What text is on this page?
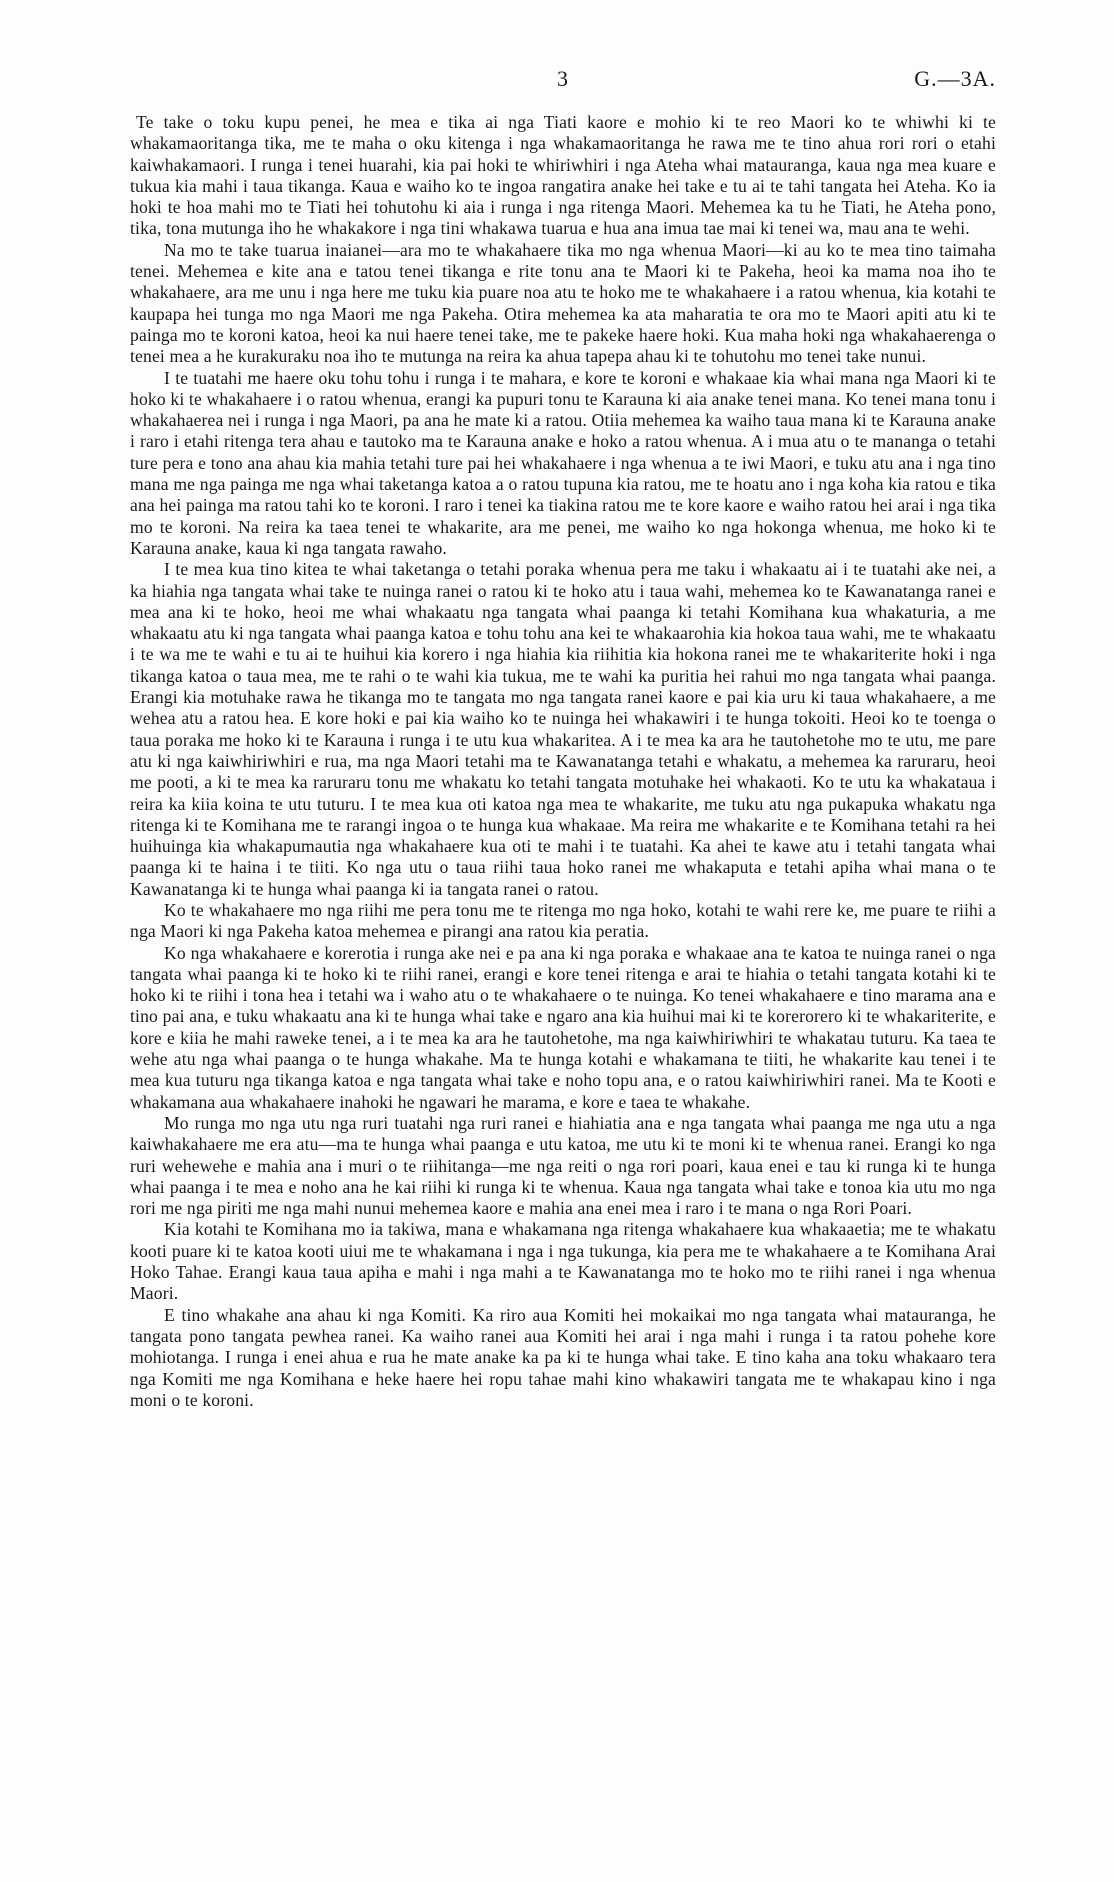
3	G.—3A.

Te take o toku kupu penei, he mea e tika ai nga Tiati kaore e mohio ki te reo Maori ko te whiwhi ki te whakamaoritanga tika, me te maha o oku kitenga i nga whakamaoritanga he rawa me te tino ahua rori rori o etahi kaiwhakamaori. I runga i tenei huarahi, kia pai hoki te whiriwhiri i nga Ateha whai matauranga, kaua nga mea kuare e tukua kia mahi i taua tikanga. Kaua e waiho ko te ingoa rangatira anake hei take e tu ai te tahi tangata hei Ateha. Ko ia hoki te hoa mahi mo te Tiati hei tohutohu ki aia i runga i nga ritenga Maori. Mehemea ka tu he Tiati, he Ateha pono, tika, tona mutunga iho he whakakore i nga tini whakawa tuarua e hua ana imua tae mai ki tenei wa, mau ana te wehi.

Na mo te take tuarua inaianei—ara mo te whakahaere tika mo nga whenua Maori—ki au ko te mea tino taimaha tenei. Mehemea e kite ana e tatou tenei tikanga e rite tonu ana te Maori ki te Pakeha, heoi ka mama noa iho te whakahaere, ara me unu i nga here me tuku kia puare noa atu te hoko me te whakahaere i a ratou whenua, kia kotahi te kaupapa hei tunga mo nga Maori me nga Pakeha. Otira mehemea ka ata maharatia te ora mo te Maori apiti atu ki te painga mo te koroni katoa, heoi ka nui haere tenei take, me te pakeke haere hoki. Kua maha hoki nga whakahaerenga o tenei mea a he kurakuraku noa iho te mutunga na reira ka ahua tapepa ahau ki te tohutohu mo tenei take nunui.

I te tuatahi me haere oku tohu tohu i runga i te mahara, e kore te koroni e whakaae kia whai mana nga Maori ki te hoko ki te whakahaere i o ratou whenua, erangi ka pupuri tonu te Karauna ki aia anake tenei mana. Ko tenei mana tonu i whakahaerea nei i runga i nga Maori, pa ana he mate ki a ratou. Otiia mehemea ka waiho taua mana ki te Karauna anake i raro i etahi ritenga tera ahau e tautoko ma te Karauna anake e hoko a ratou whenua. A i mua atu o te mananga o tetahi ture pera e tono ana ahau kia mahia tetahi ture pai hei whakahaere i nga whenua a te iwi Maori, e tuku atu ana i nga tino mana me nga painga me nga whai taketanga katoa a o ratou tupuna kia ratou, me te hoatu ano i nga koha kia ratou e tika ana hei painga ma ratou tahi ko te koroni. I raro i tenei ka tiakina ratou me te kore kaore e waiho ratou hei arai i nga tika mo te koroni. Na reira ka taea tenei te whakarite, ara me penei, me waiho ko nga hokonga whenua, me hoko ki te Karauna anake, kaua ki nga tangata rawaho.

I te mea kua tino kitea te whai taketanga o tetahi poraka whenua pera me taku i whakaatu ai i te tuatahi ake nei, a ka hiahia nga tangata whai take te nuinga ranei o ratou ki te hoko atu i taua wahi, mehemea ko te Kawanatanga ranei e mea ana ki te hoko, heoi me whai whakaatu nga tangata whai paanga ki tetahi Komihana kua whakaturia, a me whakaatu atu ki nga tangata whai paanga katoa e tohu tohu ana kei te whakaarohia kia hokoa taua wahi, me te whakaatu i te wa me te wahi e tu ai te huihui kia korero i nga hiahia kia riihitia kia hokona ranei me te whakariterite hoki i nga tikanga katoa o taua mea, me te rahi o te wahi kia tukua, me te wahi ka puritia hei rahui mo nga tangata whai paanga. Erangi kia motuhake rawa he tikanga mo te tangata mo nga tangata ranei kaore e pai kia uru ki taua whakahaere, a me wehea atu a ratou hea. E kore hoki e pai kia waiho ko te nuinga hei whakawiri i te hunga tokoiti. Heoi ko te toenga o taua poraka me hoko ki te Karauna i runga i te utu kua whakaritea. A i te mea ka ara he tautohetohe mo te utu, me pare atu ki nga kaiwhiriwhiri e rua, ma nga Maori tetahi ma te Kawanatanga tetahi e whakatu, a mehemea ka raruraru, heoi me pooti, a ki te mea ka raruraru tonu me whakatu ko tetahi tangata motuhake hei whakaoti. Ko te utu ka whakataua i reira ka kiia koina te utu tuturu. I te mea kua oti katoa nga mea te whakarite, me tuku atu nga pukapuka whakatu nga ritenga ki te Komihana me te rarangi ingoa o te hunga kua whakaae. Ma reira me whakarite e te Komihana tetahi ra hei huihuinga kia whakapumautia nga whakahaere kua oti te mahi i te tuatahi. Ka ahei te kawe atu i tetahi tangata whai paanga ki te haina i te tiiti. Ko nga utu o taua riihi taua hoko ranei me whakaputa e tetahi apiha whai mana o te Kawanatanga ki te hunga whai paanga ki ia tangata ranei o ratou.

Ko te whakahaere mo nga riihi me pera tonu me te ritenga mo nga hoko, kotahi te wahi rere ke, me puare te riihi a nga Maori ki nga Pakeha katoa mehemea e pirangi ana ratou kia peratia.

Ko nga whakahaere e korerotia i runga ake nei e pa ana ki nga poraka e whakaae ana te katoa te nuinga ranei o nga tangata whai paanga ki te hoko ki te riihi ranei, erangi e kore tenei ritenga e arai te hiahia o tetahi tangata kotahi ki te hoko ki te riihi i tona hea i tetahi wa i waho atu o te whakahaere o te nuinga. Ko tenei whakahaere e tino marama ana e tino pai ana, e tuku whakaatu ana ki te hunga whai take e ngaro ana kia huihui mai ki te korerorero ki te whakariterite, e kore e kiia he mahi raweke tenei, a i te mea ka ara he tautohetohe, ma nga kaiwhiriwhiri te whakatau tuturu. Ka taea te wehe atu nga whai paanga o te hunga whakahe. Ma te hunga kotahi e whakamana te tiiti, he whakarite kau tenei i te mea kua tuturu nga tikanga katoa e nga tangata whai take e noho topu ana, e o ratou kaiwhiriwhiri ranei. Ma te Kooti e whakamana aua whakahaere inahoki he ngawari he marama, e kore e taea te whakahe.

Mo runga mo nga utu nga ruri tuatahi nga ruri ranei e hiahiatia ana e nga tangata whai paanga me nga utu a nga kaiwhakahaere me era atu—ma te hunga whai paanga e utu katoa, me utu ki te moni ki te whenua ranei. Erangi ko nga ruri wehewehe e mahia ana i muri o te riihitanga—me nga reiti o nga rori poari, kaua enei e tau ki runga ki te hunga whai paanga i te mea e noho ana he kai riihi ki runga ki te whenua. Kaua nga tangata whai take e tonoa kia utu mo nga rori me nga piriti me nga mahi nunui mehemea kaore e mahia ana enei mea i raro i te mana o nga Rori Poari.

Kia kotahi te Komihana mo ia takiwa, mana e whakamana nga ritenga whakahaere kua whakaaetia; me te whakatu kooti puare ki te katoa kooti uiui me te whakamana i nga i nga tukunga, kia pera me te whakahaere a te Komihana Arai Hoko Tahae. Erangi kaua taua apiha e mahi i nga mahi a te Kawanatanga mo te hoko mo te riihi ranei i nga whenua Maori.

E tino whakahe ana ahau ki nga Komiti. Ka riro aua Komiti hei mokaikai mo nga tangata whai matauranga, he tangata pono tangata pewhea ranei. Ka waiho ranei aua Komiti hei arai i nga mahi i runga i ta ratou pohehe kore mohiotanga. I runga i enei ahua e rua he mate anake ka pa ki te hunga whai take. E tino kaha ana toku whakaaro tera nga Komiti me nga Komihana e heke haere hei ropu tahae mahi kino whakawiri tangata me te whakapau kino i nga moni o te koroni.
